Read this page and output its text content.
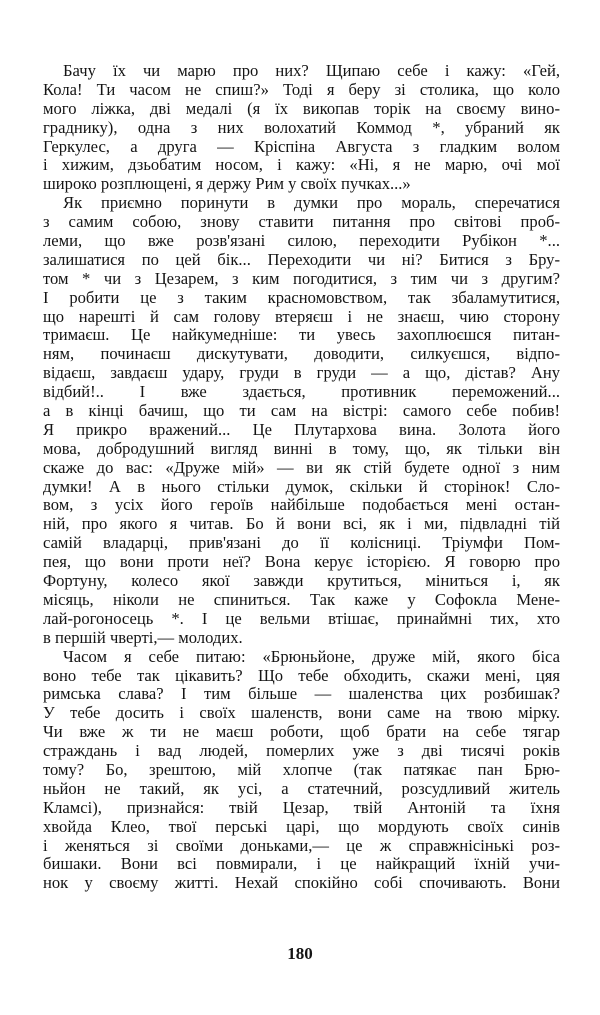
Бачу їх чи марю про них? Щипаю себе і кажу: «Гей,
Кола! Ти часом не спиш?» Тоді я беру зі столика, що коло
мого ліжка, дві медалі (я їх викопав торік на своєму вино-
граднику), одна з них волохатий Коммод *, убраний як
Геркулес, а друга — Кріспіна Августа з гладким волом
і хижим, дзьобатим носом, і кажу: «Ні, я не марю, очі мої
широко розплющені, я держу Рим у своїх пучках...»
Як приємно поринути в думки про мораль, сперечатися
з самим собою, знову ставити питання про світові проб-
леми, що вже розв'язані силою, переходити Рубікон *...
залишатися по цей бік... Переходити чи ні? Битися з Бру-
том * чи з Цезарем, з ким погодитися, з тим чи з другим?
І робити це з таким красномовством, так збаламутитися,
що нарешті й сам голову втеряєш і не знаєш, чию сторону
тримаєш. Це найкумедніше: ти увесь захоплюєшся питан-
ням, починаєш дискутувати, доводити, силкуєшся, відпо-
відаєш, завдаєш удару, груди в груди — а що, дістав? Ану
відбий!.. І вже здається, противник переможений...
а в кінці бачиш, що ти сам на вістрі: самого себе побив!
Я прикро вражений... Це Плутархова вина. Золота його
мова, добродушний вигляд винні в тому, що, як тільки він
скаже до вас: «Друже мій» — ви як стій будете одної з ним
думки! А в нього стільки думок, скільки й сторінок! Сло-
вом, з усіх його героїв найбільше подобається мені остан-
ній, про якого я читав. Бо й вони всі, як і ми, підвладні тій
самій владарці, прив'язані до її колісниці. Тріумфи Пом-
пея, що вони проти неї? Вона керує історією. Я говорю про
Фортуну, колесо якої завжди крутиться, міниться і, як
місяць, ніколи не спиниться. Так каже у Софокла Мене-
лай-рогоносець *. І це вельми втішає, принаймні тих, хто
в першій чверті,— молодих.
Часом я себе питаю: «Брюньйоне, друже мій, якого біса
воно тебе так цікавить? Що тебе обходить, скажи мені, цяя
римська слава? І тим більше — шаленства цих розбишак?
У тебе досить і своїх шаленств, вони саме на твою мірку.
Чи вже ж ти не маєш роботи, щоб брати на себе тягар
страждань і вад людей, померлих уже з дві тисячі років
тому? Бо, зрештою, мій хлопче (так патякає пан Брю-
ньйон не такий, як усі, а статечний, розсудливий житель
Кламсі), признайся: твій Цезар, твій Антоній та їхня
хвойда Клео, твої перські царі, що мордують своїх синів
і женяться зі своїми доньками,— це ж справжнісінькі роз-
бишаки. Вони всі повмирали, і це найкращий їхній учи-
нок у своєму житті. Нехай спокійно собі спочивають. Вони
180
